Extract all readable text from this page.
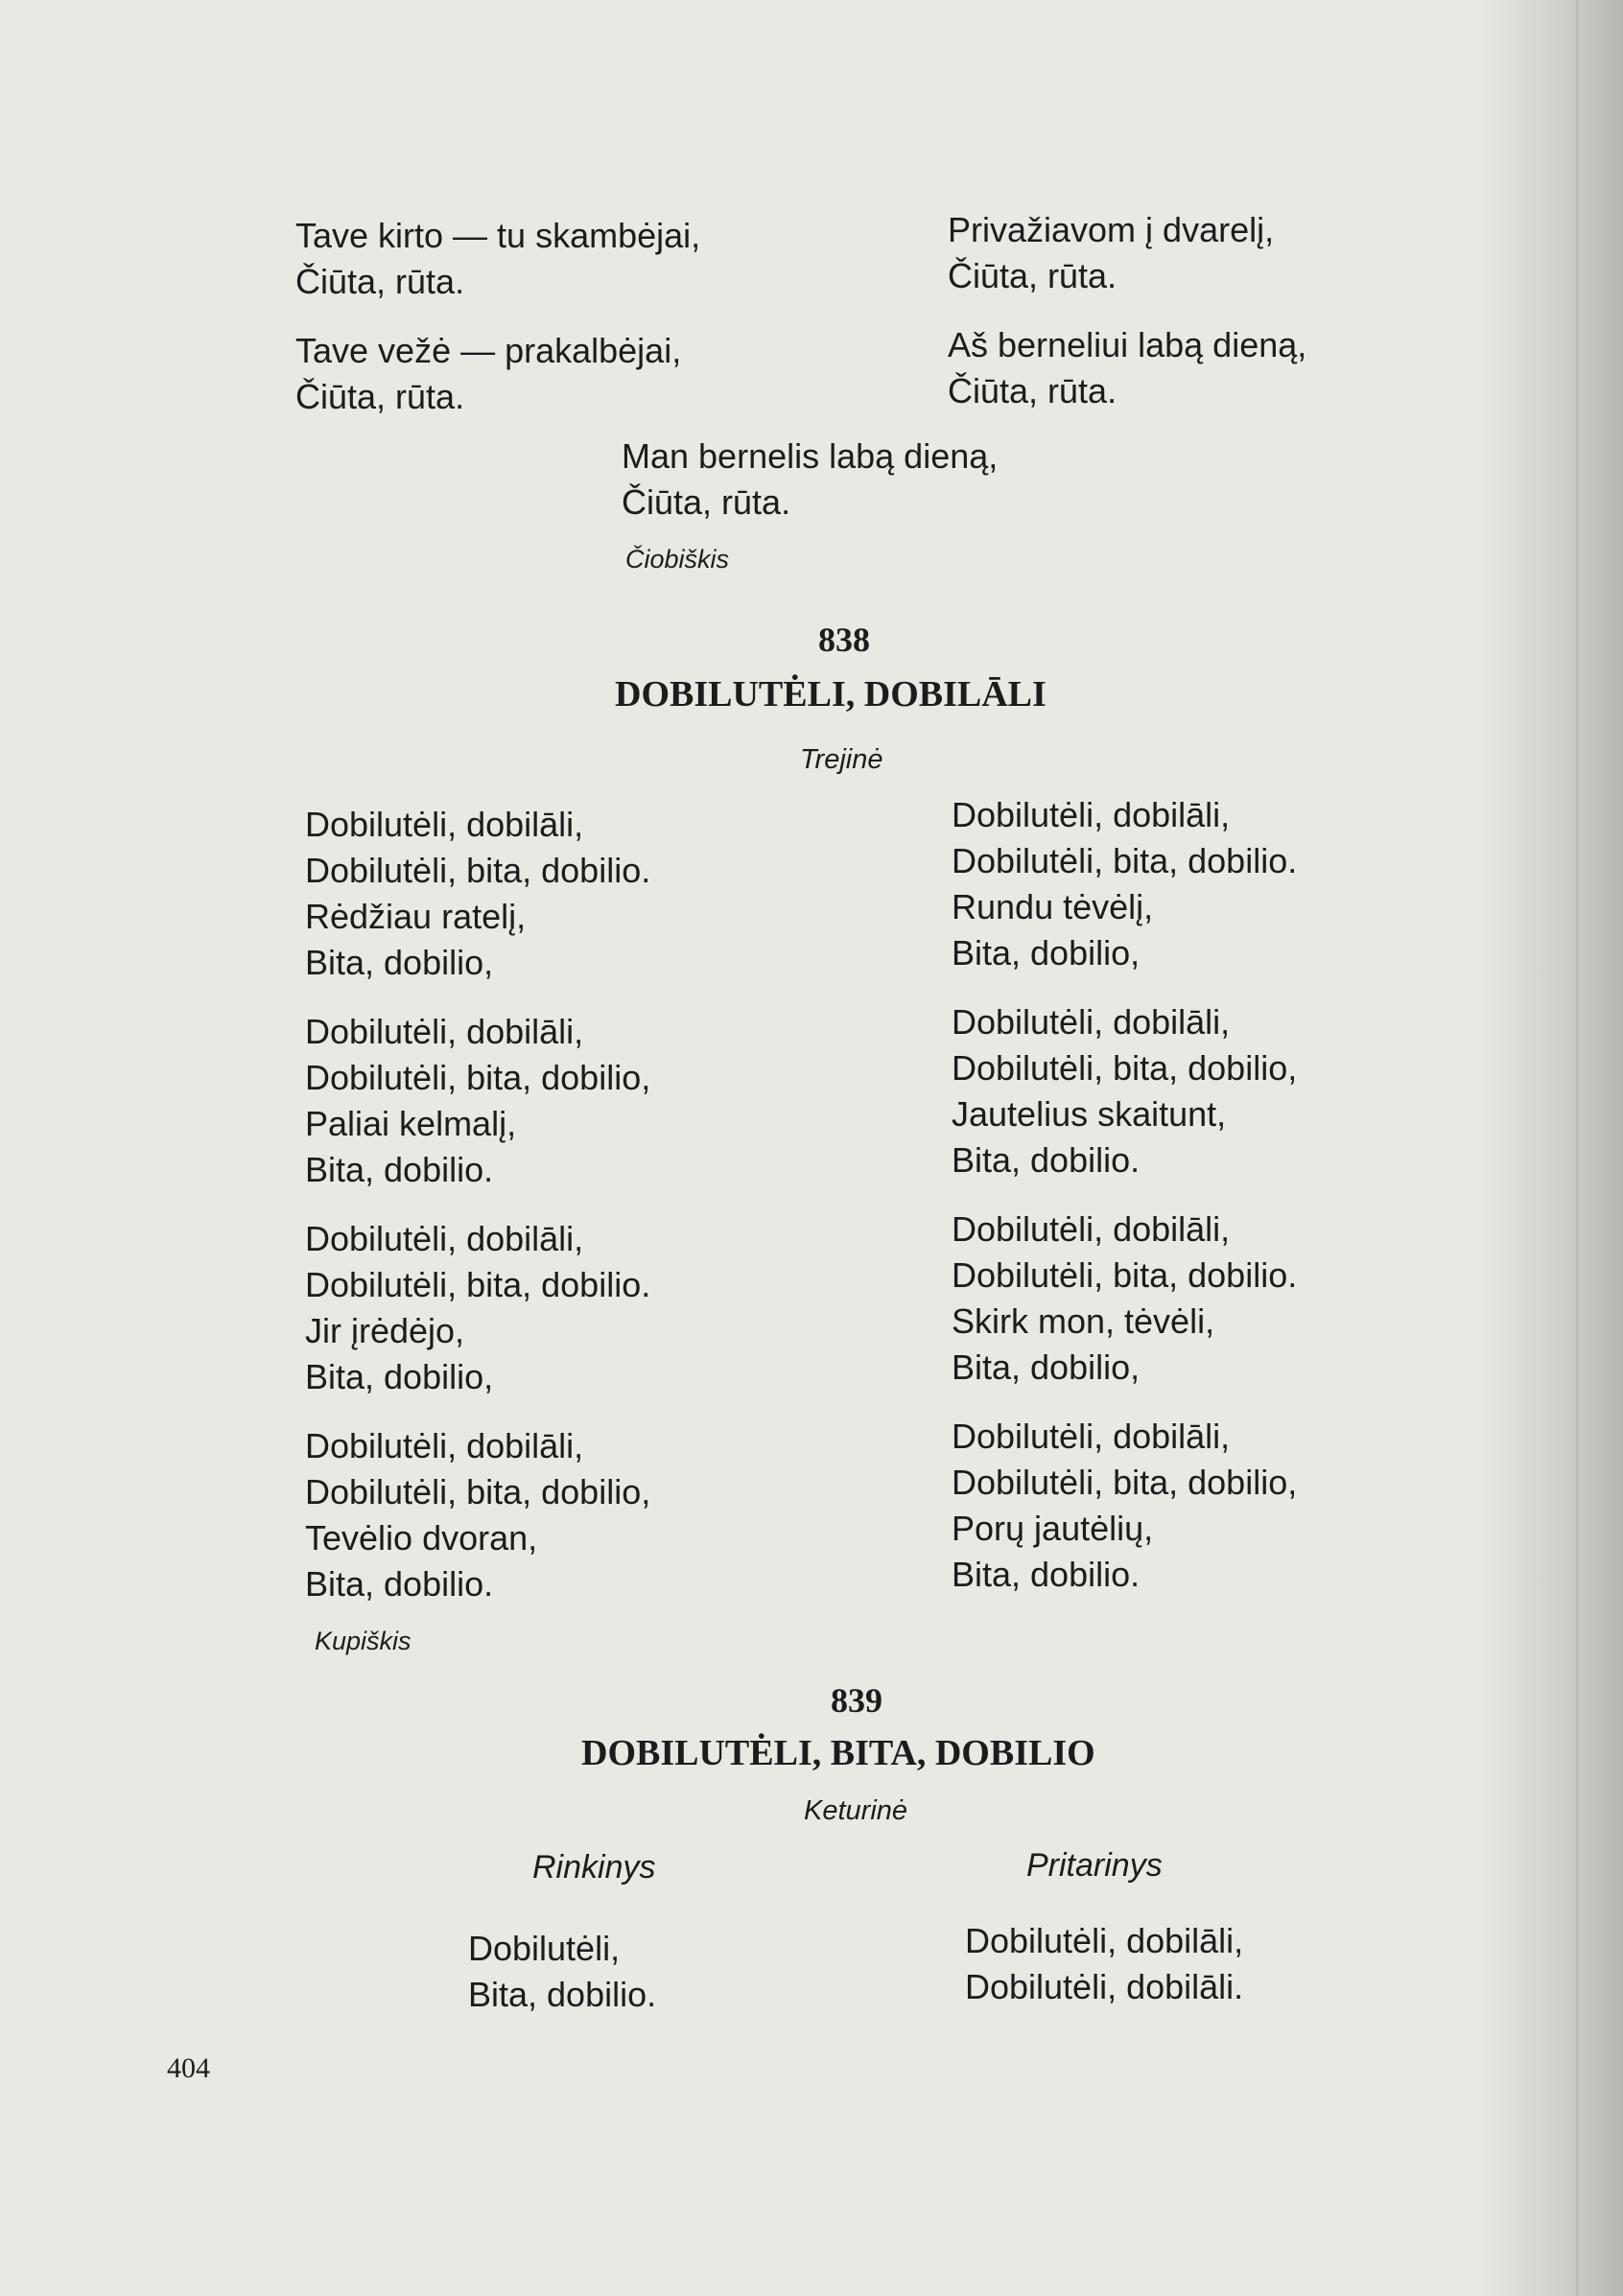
Tave kirto — tu skambėjai,
Čiūta, rūta.
Tave vežė — prakalbėjai,
Čiūta, rūta.
Privažiavom į dvarelį,
Čiūta, rūta.
Aš berneliui labą dieną,
Čiūta, rūta.
Man bernelis labą dieną,
Čiūta, rūta.
Čiobiškis
838
DOBILUTĖLI, DOBILĀLI
Trejinė
Dobilutėli, dobilāli,
Dobilutėli, bita, dobilio.
Rėdžiau ratelį,
Bita, dobilio,
Dobilutėli, dobilāli,
Dobilutėli, bita, dobilio,
Paliai kelmalį,
Bita, dobilio.
Dobilutėli, dobilāli,
Dobilutėli, bita, dobilio.
Jir įrėdėjo,
Bita, dobilio,
Dobilutėli, dobilāli,
Dobilutėli, bita, dobilio,
Tevėlio dvoran,
Bita, dobilio.
Dobilutėli, dobilāli,
Dobilutėli, bita, dobilio.
Rundu tėvėlį,
Bita, dobilio,
Dobilutėli, dobilāli,
Dobilutėli, bita, dobilio,
Jautelius skaitunt,
Bita, dobilio.
Dobilutėli, dobilāli,
Dobilutėli, bita, dobilio.
Skirk mon, tėvėli,
Bita, dobilio,
Dobilutėli, dobilāli,
Dobilutėli, bita, dobilio,
Porų jautėlių,
Bita, dobilio.
Kupiškis
839
DOBILUTĖLI, BITA, DOBILIO
Keturinė
Rinkinys	Pritarinys
Dobilutėli,
Bita, dobilio.
Dobilutėli, dobilāli,
Dobilutėli, dobilāli.
404
